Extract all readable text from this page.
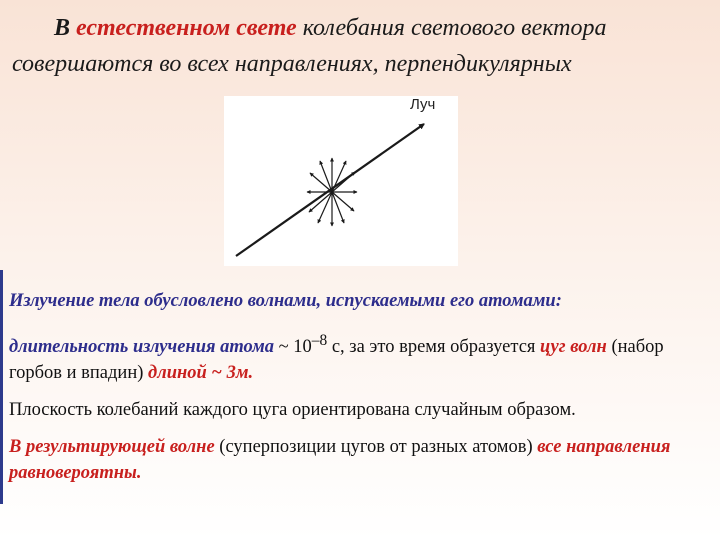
В естественном свете колебания светового вектора совершаются во всех направлениях, перпендикулярных
Луч

Излучение тела обусловлено волнами, испускаемыми его атомами:

длительность излучения атома ~ $10^{-8}$ с, за это время образуется цуг волн (набор горбов и впадин) длиной ~ 3м.

Плоскость колебаний каждого цуга ориентирована случайным образом.

В результирующей волне (суперпозиции цугов от разных атомов) все направления равновероятны.
